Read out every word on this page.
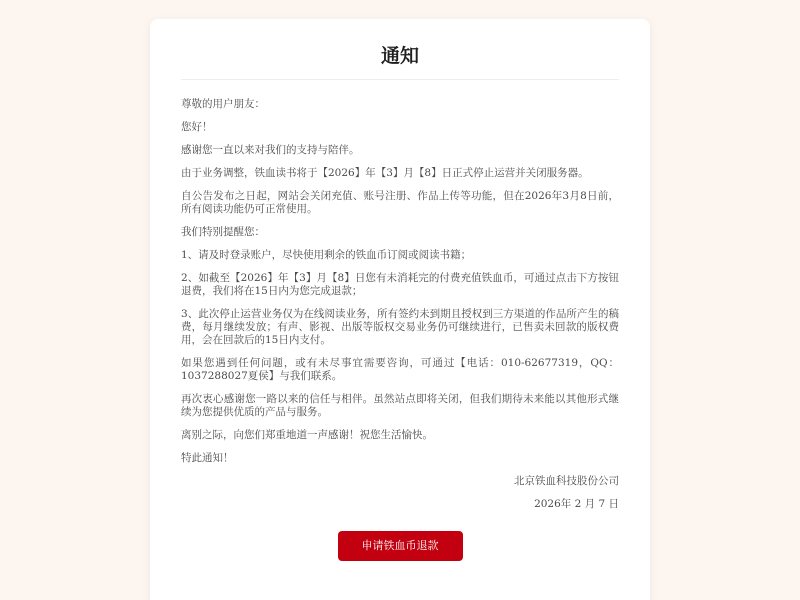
通知

尊敬的用户朋友：

您好！

感谢您一直以来对我们的支持与陪伴。

由于业务调整，铁血读书将于【2026】年【3】月【8】日正式停止运营并关闭服务器。

自公告发布之日起，网站会关闭充值、账号注册、作品上传等功能，但在2026年3月8日前，所有阅读功能仍可正常使用。

我们特别提醒您：

1、请及时登录账户，尽快使用剩余的铁血币订阅或阅读书籍；

2、如截至【2026】年【3】月【8】日您有未消耗完的付费充值铁血币，可通过点击下方按钮退费，我们将在15日内为您完成退款；

3、此次停止运营业务仅为在线阅读业务，所有签约未到期且授权到三方渠道的作品所产生的稿费，每月继续发放；有声、影视、出版等版权交易业务仍可继续进行，已售卖未回款的版权费用，会在回款后的15日内支付。

如果您遇到任何问题，或有未尽事宜需要咨询，可通过【电话：010-62677319，QQ：1037288027夏侯】与我们联系。

再次衷心感谢您一路以来的信任与相伴。虽然站点即将关闭，但我们期待未来能以其他形式继续为您提供优质的产品与服务。

离别之际，向您们郑重地道一声感谢！祝您生活愉快。

特此通知！

北京铁血科技股份公司

2026年 2 月 7 日

申请铁血币退款
